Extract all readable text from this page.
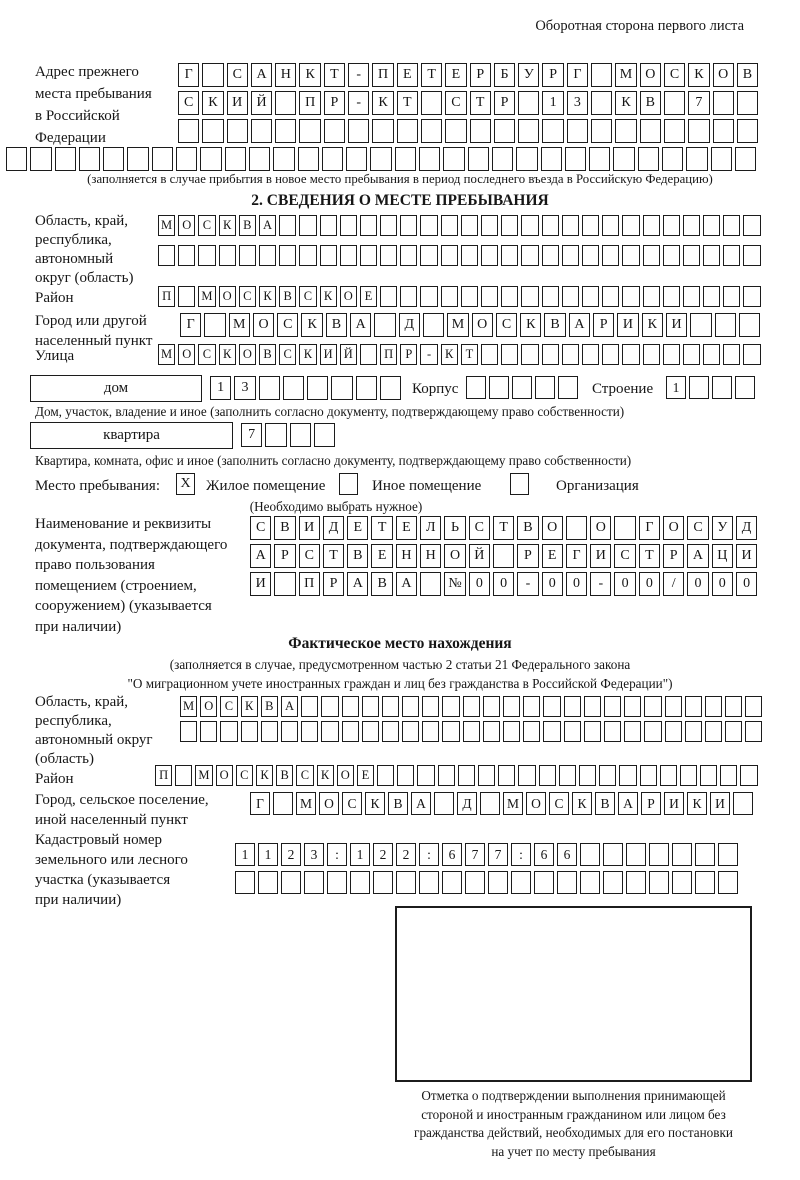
Оборотная сторона первого листа
Адрес прежнего
места пребывания
в Российской
Федерации
Г	С	А	Н	К	Т	-	П	Е	Т	Е	Р	Б	У	Р	Г	М О	С	К	О	В
С	К	И	Й	П	Р	-	К	Т	С	Т	Р	1	3	К	В	7
(заполняется в случае прибытия в новое место пребывания в период последнего въезда в Российскую Федерацию)
2. СВЕДЕНИЯ О МЕСТЕ ПРЕБЫВАНИЯ
Область, край,
республика,
автономный
округ (область)
М О С К В А
Район	П	М О С К В С К О Е
Город или другой
населенный пункт
Г	М О	С	К	В	А	Д	М О	С	К	В	А	Р	И	К	И
Улица	М О С К О В С К И Й	П Р	-	К Т
дом	1	3	Корпус	Строение	1
Дом, участок, владение и иное (заполнить согласно документу, подтверждающему право собственности)
квартира	7
Квартира, комната, офис и иное (заполнить согласно документу, подтверждающему право собственности)
Место пребывания:	X Жилое помещение	Иное помещение	Организация
(Необходимо выбрать нужное)
Наименование и реквизиты
документа, подтверждающего
право пользования
помещением (строением,
сооружением) (указывается
при наличии)
С	В	И	Д	Е	Т	Е	Л	Ь	С	Т	В	О	О	Г	О	С	У	Д
А	Р	С	Т	В	Е	Н	Н	О	Й	Р	Е	Г	И	С	Т	Р	А	Ц	И
И	П	Р	А	В	А	№	0	0	-	0	0	-	0	0	/	0	0	0
Фактическое место нахождения
(заполняется в случае, предусмотренном частью 2 статьи 21 Федерального закона
"О миграционном учете иностранных граждан и лиц без гражданства в Российской Федерации")
Область, край,
республика,
автономный округ
(область)
М О С К В А
Район	П	М О С К В С К О Е
Город, сельское поселение,
иной населенный пункт
Г	М О	С	К	В	А	Д	М О	С	К	В	А	Р	И	К	И
Кадастровый номер
земельного или лесного
участка (указывается
при наличии)
1	1	2	3	:	1	2	2	:	6	7	7	:	6	6
Отметка о подтверждении выполнения принимающей
стороной и иностранным гражданином или лицом без
гражданства действий, необходимых для его постановки
на учет по месту пребывания
